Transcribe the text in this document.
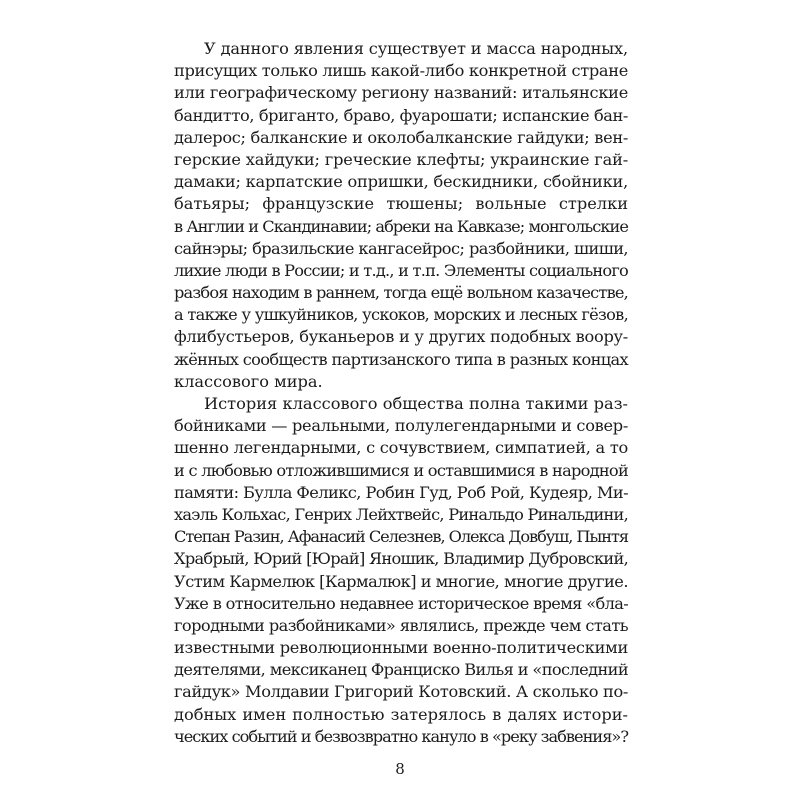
У данного явления существует и масса народных,
присущих только лишь какой-либо конкретной стране
или географическому региону названий: итальянские
бандитто, бриганто, браво, фуарошати; испанские бан-
далерос; балканские и околобалканские гайдуки; вен-
герские хайдуки; греческие клефты; украинские гай-
дамаки; карпатские опришки, бескидники, сбойники,
батьяры; французские тюшены; вольные стрелки
в Англии и Скандинавии; абреки на Кавказе; монгольские
сайнэры; бразильские кангасейрос; разбойники, шиши,
лихие люди в России; и т.д., и т.п. Элементы социального
разбоя находим в раннем, тогда ещё вольном казачестве,
а также у ушкуйников, ускоков, морских и лесных гёзов,
флибустьеров, буканьеров и у других подобных воору-
жённых сообществ партизанского типа в разных концах
классового мира.
История классового общества полна такими раз-
бойниками — реальными, полулегендарными и совер-
шенно легендарными, с сочувствием, симпатией, а то
и с любовью отложившимися и оставшимися в народной
памяти: Булла Феликс, Робин Гуд, Роб Рой, Кудеяр, Ми-
хаэль Кольхас, Генрих Лейхтвейс, Ринальдо Ринальдини,
Степан Разин, Афанасий Селезнев, Олекса Довбуш, Пынтя
Храбрый, Юрий [Юрай] Яношик, Владимир Дубровский,
Устим Кармелюк [Кармалюк] и многие, многие другие.
Уже в относительно недавнее историческое время «бла-
городными разбойниками» являлись, прежде чем стать
известными революционными военно-политическими
деятелями, мексиканец Франциско Вилья и «последний
гайдук» Молдавии Григорий Котовский. А сколько по-
добных имен полностью затерялось в далях истори-
ческих событий и безвозвратно кануло в «реку забвения»?
8
